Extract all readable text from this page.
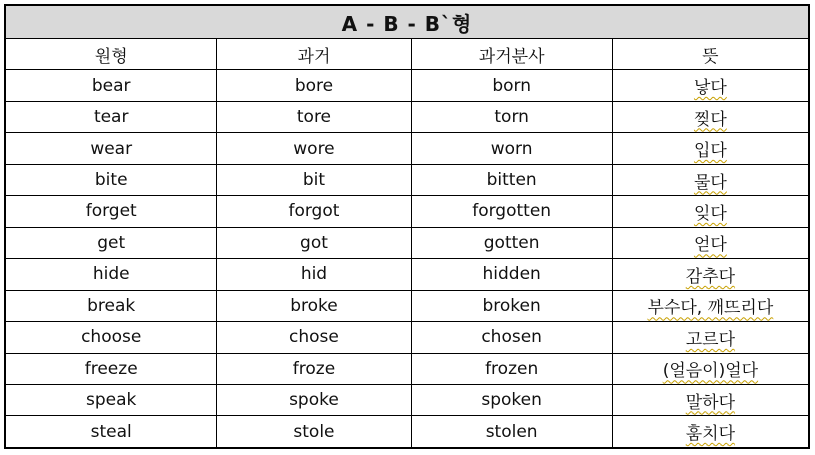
A - B - B`형			
원형	과거	과거분사	뜻
bear	bore	born	낳다
tear	tore	torn	찢다
wear	wore	worn	입다
bite	bit	bitten	물다
forget	forgot	forgotten	잊다
get	got	gotten	얻다
hide	hid	hidden	감추다
break	broke	broken	부수다, 깨뜨리다
choose	chose	chosen	고르다
freeze	froze	frozen	(얼음이)얼다
speak	spoke	spoken	말하다
steal	stole	stolen	훔치다
